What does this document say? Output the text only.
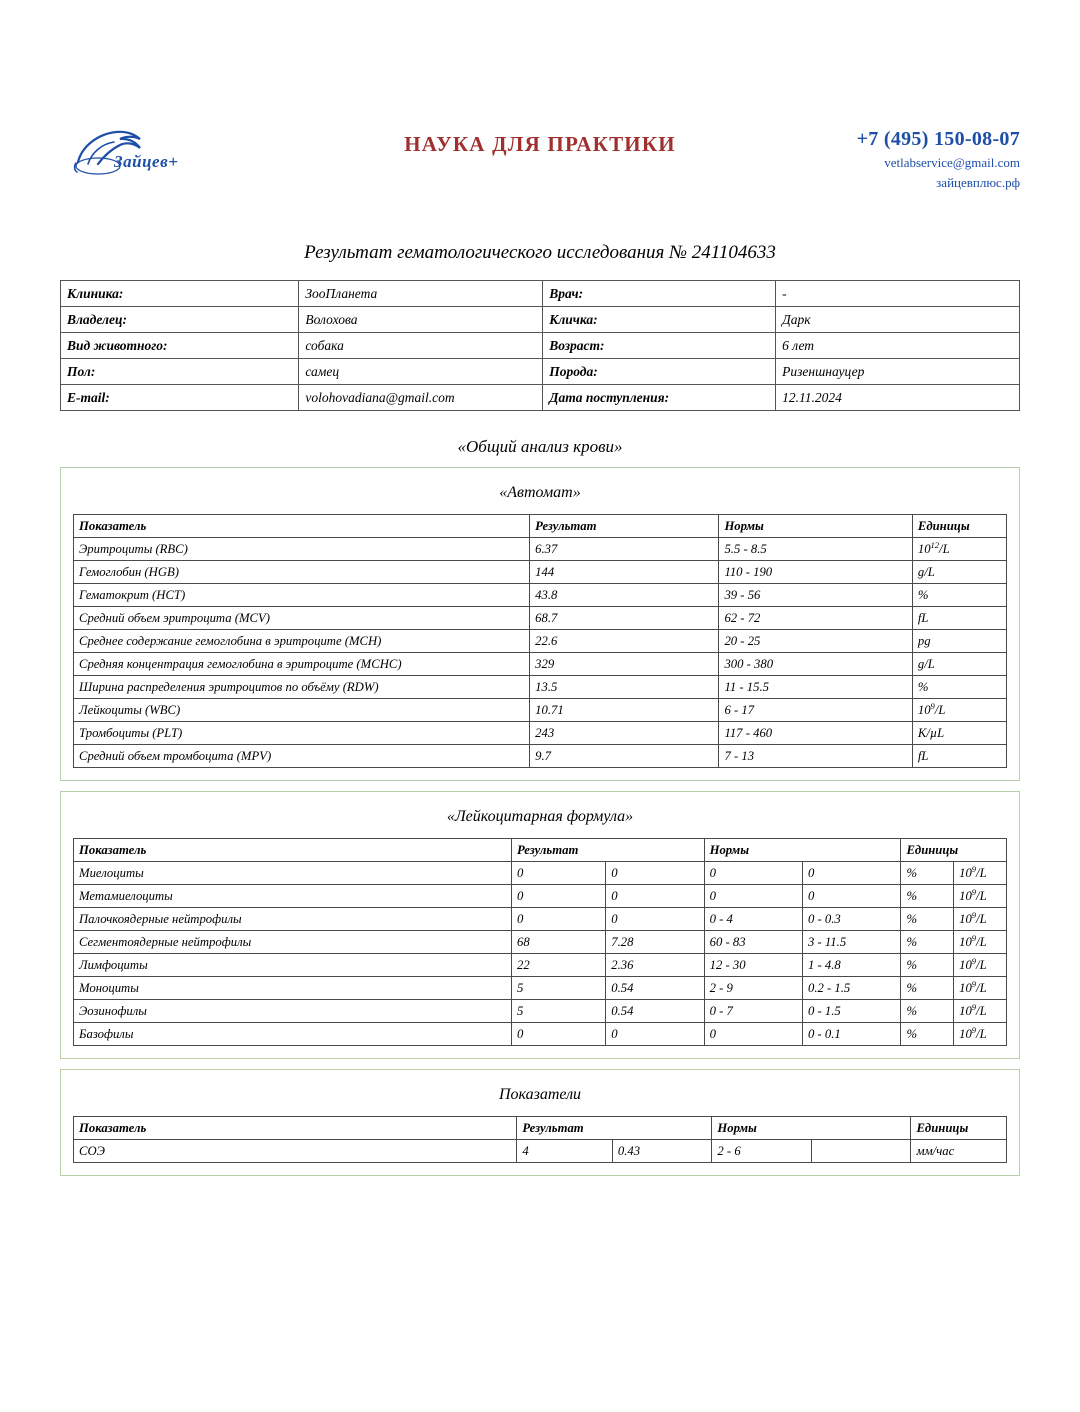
Зайцев+
НАУКА ДЛЯ ПРАКТИКИ	+7 (495) 150-08-07
vetlabservice@gmail.com
зайцевплюс.рф
Результат гематологического исследования № 241104633
Клиника:	ЗооПланета	Врач:	-
Владелец:	Волохова	Кличка:	Дарк
Вид животного:	собака	Возраст:	6 лет
Пол:	самец	Порода:	Ризеншнауцер
E-mail:	volohovadiana@gmail.com	Дата поступления:	12.11.2024
«Общий анализ крови»
«Автомат»
Показатель	Результат	Нормы	Единицы
Эритроциты (RBC)	6.37	5.5 - 8.5	$10^{12}/L$
Гемоглобин (HGB)	144	110 - 190	g/L
Гематокрит (HCT)	43.8	39 - 56	%
Средний объем эритроцита (MCV)	68.7	62 - 72	fL
Среднее содержание гемоглобина в эритроците (MCH)	22.6	20 - 25	pg
Средняя концентрация гемоглобина в эритроците (MCHC)	329	300 - 380	g/L
Ширина распределения эритроцитов по объёму (RDW)	13.5	11 - 15.5	%
Лейкоциты (WBC)	10.71	6 - 17	$10^9/L$
Тромбоциты (PLT)	243	117 - 460	K/µL
Средний объем тромбоцита (MPV)	9.7	7 - 13	fL
«Лейкоцитарная формула»
Показатель	Результат		Нормы		Единицы	
Миелоциты	0	0	0	0	%	$10^9/L$
Метамиелоциты	0	0	0	0	%	$10^9/L$
Палочкоядерные нейтрофилы	0	0	0 - 4	0 - 0.3	%	$10^9/L$
Сегментоядерные нейтрофилы	68	7.28	60 - 83	3 - 11.5	%	$10^9/L$
Лимфоциты	22	2.36	12 - 30	1 - 4.8	%	$10^9/L$
Моноциты	5	0.54	2 - 9	0.2 - 1.5	%	$10^9/L$
Эозинофилы	5	0.54	0 - 7	0 - 1.5	%	$10^9/L$
Базофилы	0	0	0	0 - 0.1	%	$10^9/L$
Показатели
Показатель	Результат		Нормы		Единицы
СОЭ	4	0.43	2 - 6		мм/час
